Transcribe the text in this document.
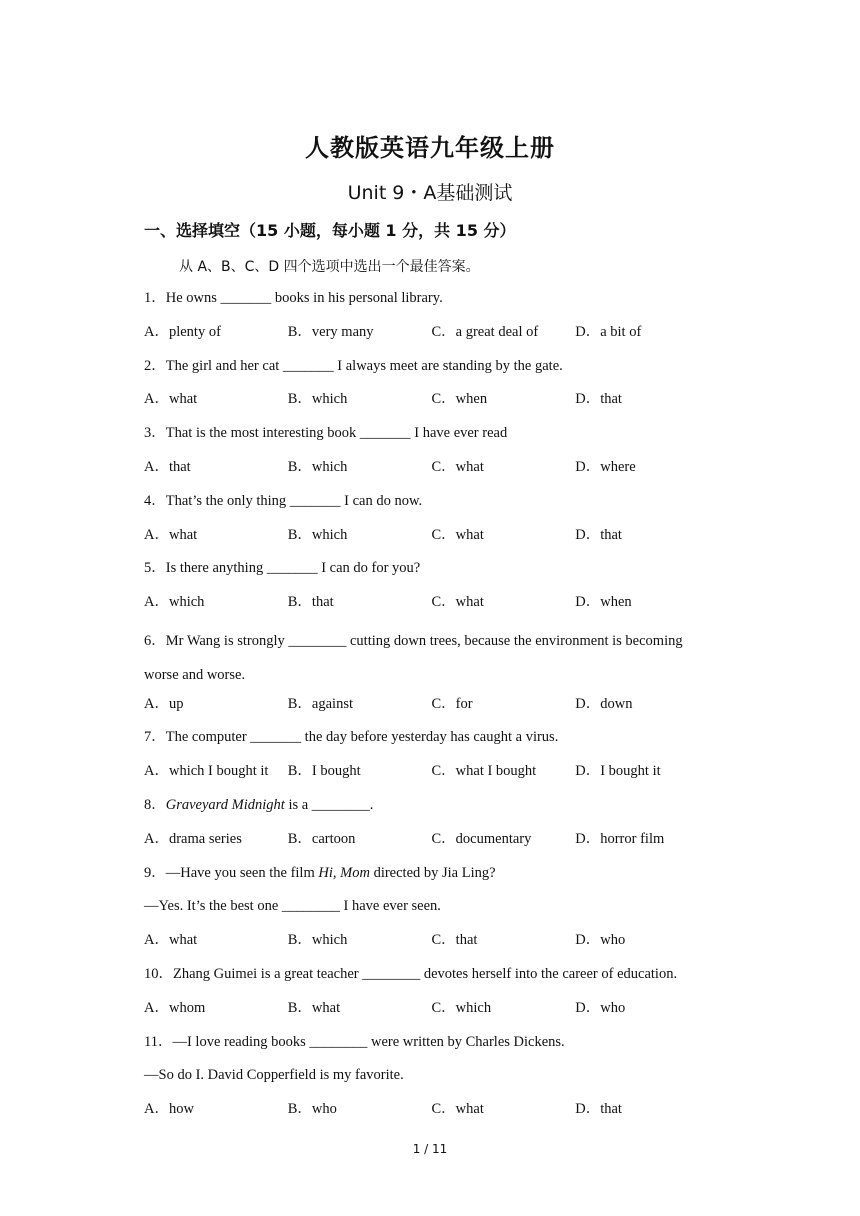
人教版英语九年级上册
Unit 9・A基础测试
一、选择填空（15 小题，每小题 1 分，共 15 分）
从 A、B、C、D 四个选项中选出一个最佳答案。
1．He owns _______ books in his personal library.
A．plenty of	B．very many	C．a great deal of	D．a bit of
2．The girl and her cat _______ I always meet are standing by the gate.
A．what	B．which	C．when	D．that
3．That is the most interesting book _______ I have ever read
A．that	B．which	C．what	D．where
4．That’s the only thing _______ I can do now.
A．what	B．which	C．what	D．that
5．Is there anything _______ I can do for you?
A．which	B．that	C．what	D．when
6．Mr Wang is strongly ________ cutting down trees, because the environment is becoming worse and worse.
A．up	B．against	C．for	D．down
7．The computer _______ the day before yesterday has caught a virus.
A．which I bought it	B．I bought	C．what I bought	D．I bought it
8．Graveyard Midnight is a ________.
A．drama series	B．cartoon	C．documentary	D．horror film
9．—Have you seen the film Hi, Mom directed by Jia Ling?
—Yes. It’s the best one ________ I have ever seen.
A．what	B．which	C．that	D．who
10．Zhang Guimei is a great teacher ________ devotes herself into the career of education.
A．whom	B．what	C．which	D．who
11．—I love reading books ________ were written by Charles Dickens.
—So do I. David Copperfield is my favorite.
A．how	B．who	C．what	D．that
1 / 11
